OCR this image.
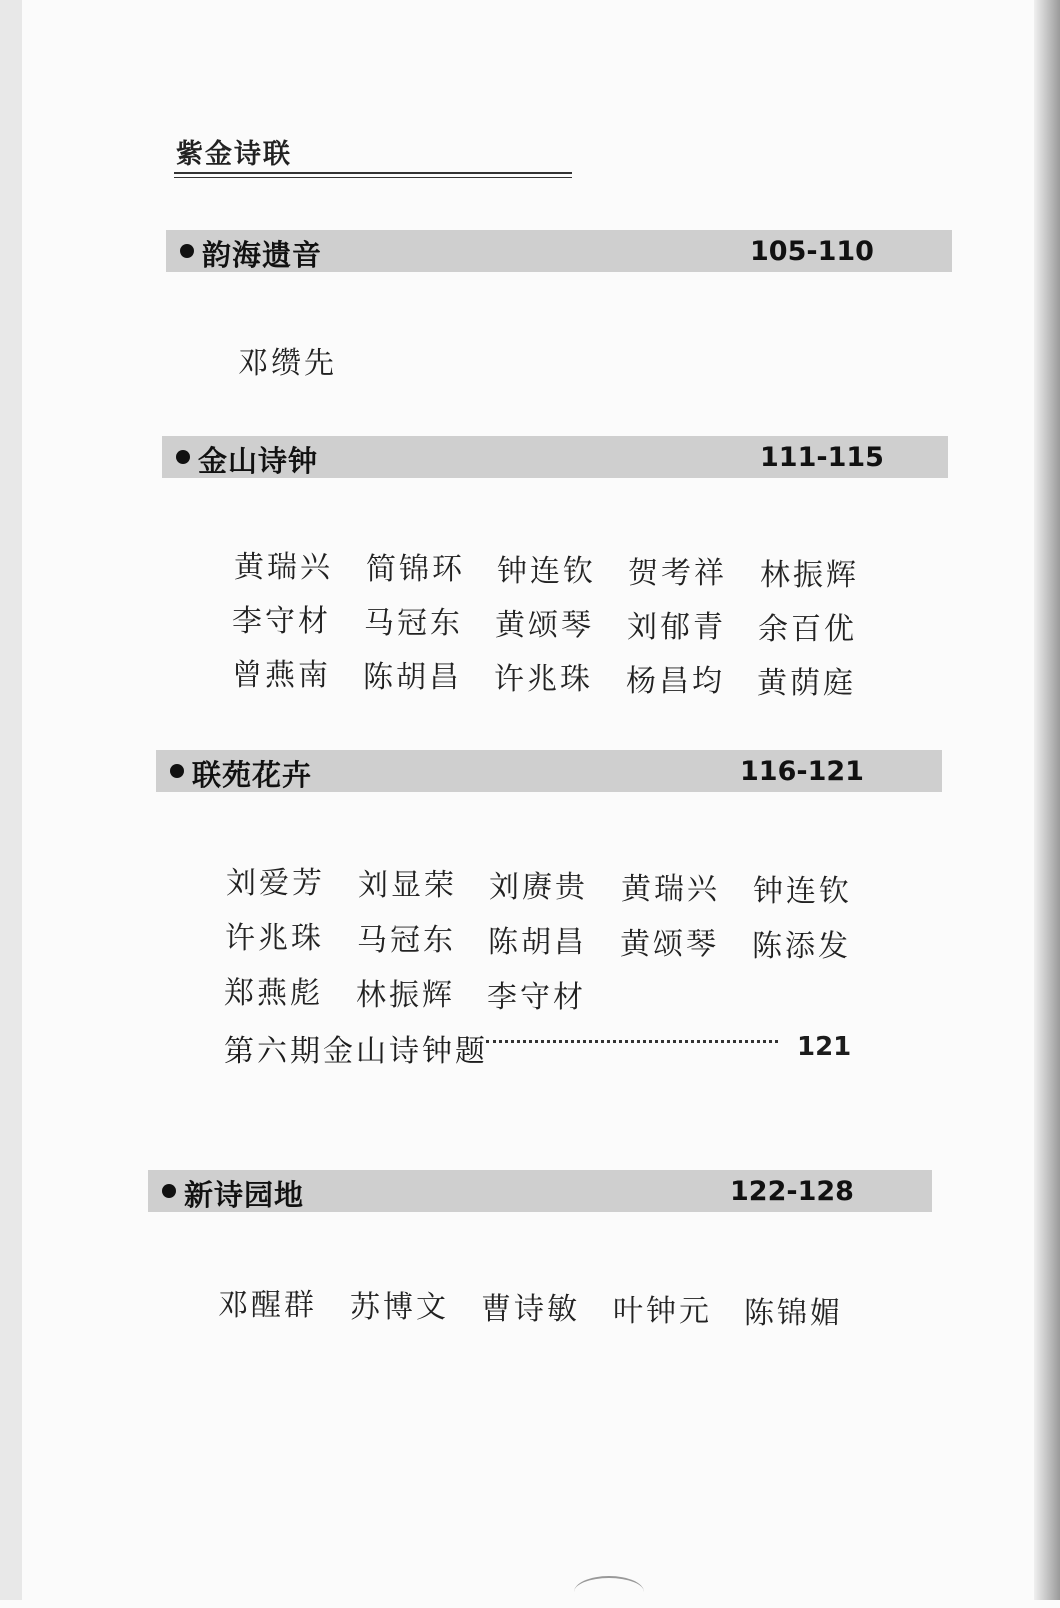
紫金诗联
韵海遗音	105-110
邓缵先
金山诗钟	111-115
黄瑞兴 简锦环 钟连钦 贺考祥 林振辉
李守材 马冠东 黄颂琴 刘郁青 余百优
曾燕南 陈胡昌 许兆珠 杨昌均 黄荫庭
联苑花卉	116-121
刘爱芳 刘显荣 刘赓贵 黄瑞兴 钟连钦
许兆珠 马冠东 陈胡昌 黄颂琴 陈添发
郑燕彪 林振辉 李守材
第六期金山诗钟题	121
新诗园地	122-128
邓醒群 苏博文 曹诗敏 叶钟元 陈锦媚
